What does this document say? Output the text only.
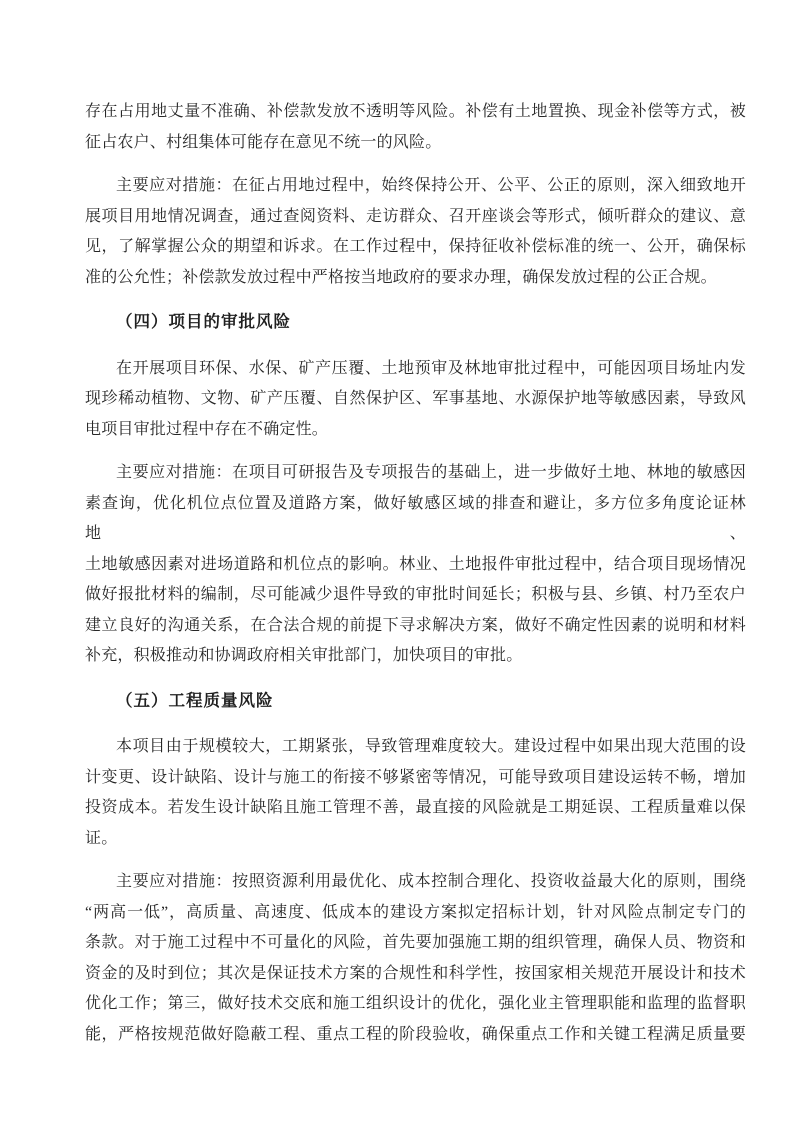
存在占用地丈量不准确、补偿款发放不透明等风险。补偿有土地置换、现金补偿等方式，被
征占农户、村组集体可能存在意见不统一的风险。
主要应对措施：在征占用地过程中，始终保持公开、公平、公正的原则，深入细致地开
展项目用地情况调查，通过查阅资料、走访群众、召开座谈会等形式，倾听群众的建议、意
见，了解掌握公众的期望和诉求。在工作过程中，保持征收补偿标准的统一、公开，确保标
准的公允性；补偿款发放过程中严格按当地政府的要求办理，确保发放过程的公正合规。
（四）项目的审批风险
在开展项目环保、水保、矿产压覆、土地预审及林地审批过程中，可能因项目场址内发
现珍稀动植物、文物、矿产压覆、自然保护区、军事基地、水源保护地等敏感因素，导致风
电项目审批过程中存在不确定性。
主要应对措施：在项目可研报告及专项报告的基础上，进一步做好土地、林地的敏感因
素查询，优化机位点位置及道路方案，做好敏感区域的排查和避让，多方位多角度论证林地、
土地敏感因素对进场道路和机位点的影响。林业、土地报件审批过程中，结合项目现场情况
做好报批材料的编制，尽可能减少退件导致的审批时间延长；积极与县、乡镇、村乃至农户
建立良好的沟通关系，在合法合规的前提下寻求解决方案，做好不确定性因素的说明和材料
补充，积极推动和协调政府相关审批部门，加快项目的审批。
（五）工程质量风险
本项目由于规模较大，工期紧张，导致管理难度较大。建设过程中如果出现大范围的设
计变更、设计缺陷、设计与施工的衔接不够紧密等情况，可能导致项目建设运转不畅，增加
投资成本。若发生设计缺陷且施工管理不善，最直接的风险就是工期延误、工程质量难以保
证。
主要应对措施：按照资源利用最优化、成本控制合理化、投资收益最大化的原则，围绕
“两高一低”，高质量、高速度、低成本的建设方案拟定招标计划，针对风险点制定专门的
条款。对于施工过程中不可量化的风险，首先要加强施工期的组织管理，确保人员、物资和
资金的及时到位；其次是保证技术方案的合规性和科学性，按国家相关规范开展设计和技术
优化工作；第三，做好技术交底和施工组织设计的优化，强化业主管理职能和监理的监督职
能，严格按规范做好隐蔽工程、重点工程的阶段验收，确保重点工作和关键工程满足质量要
